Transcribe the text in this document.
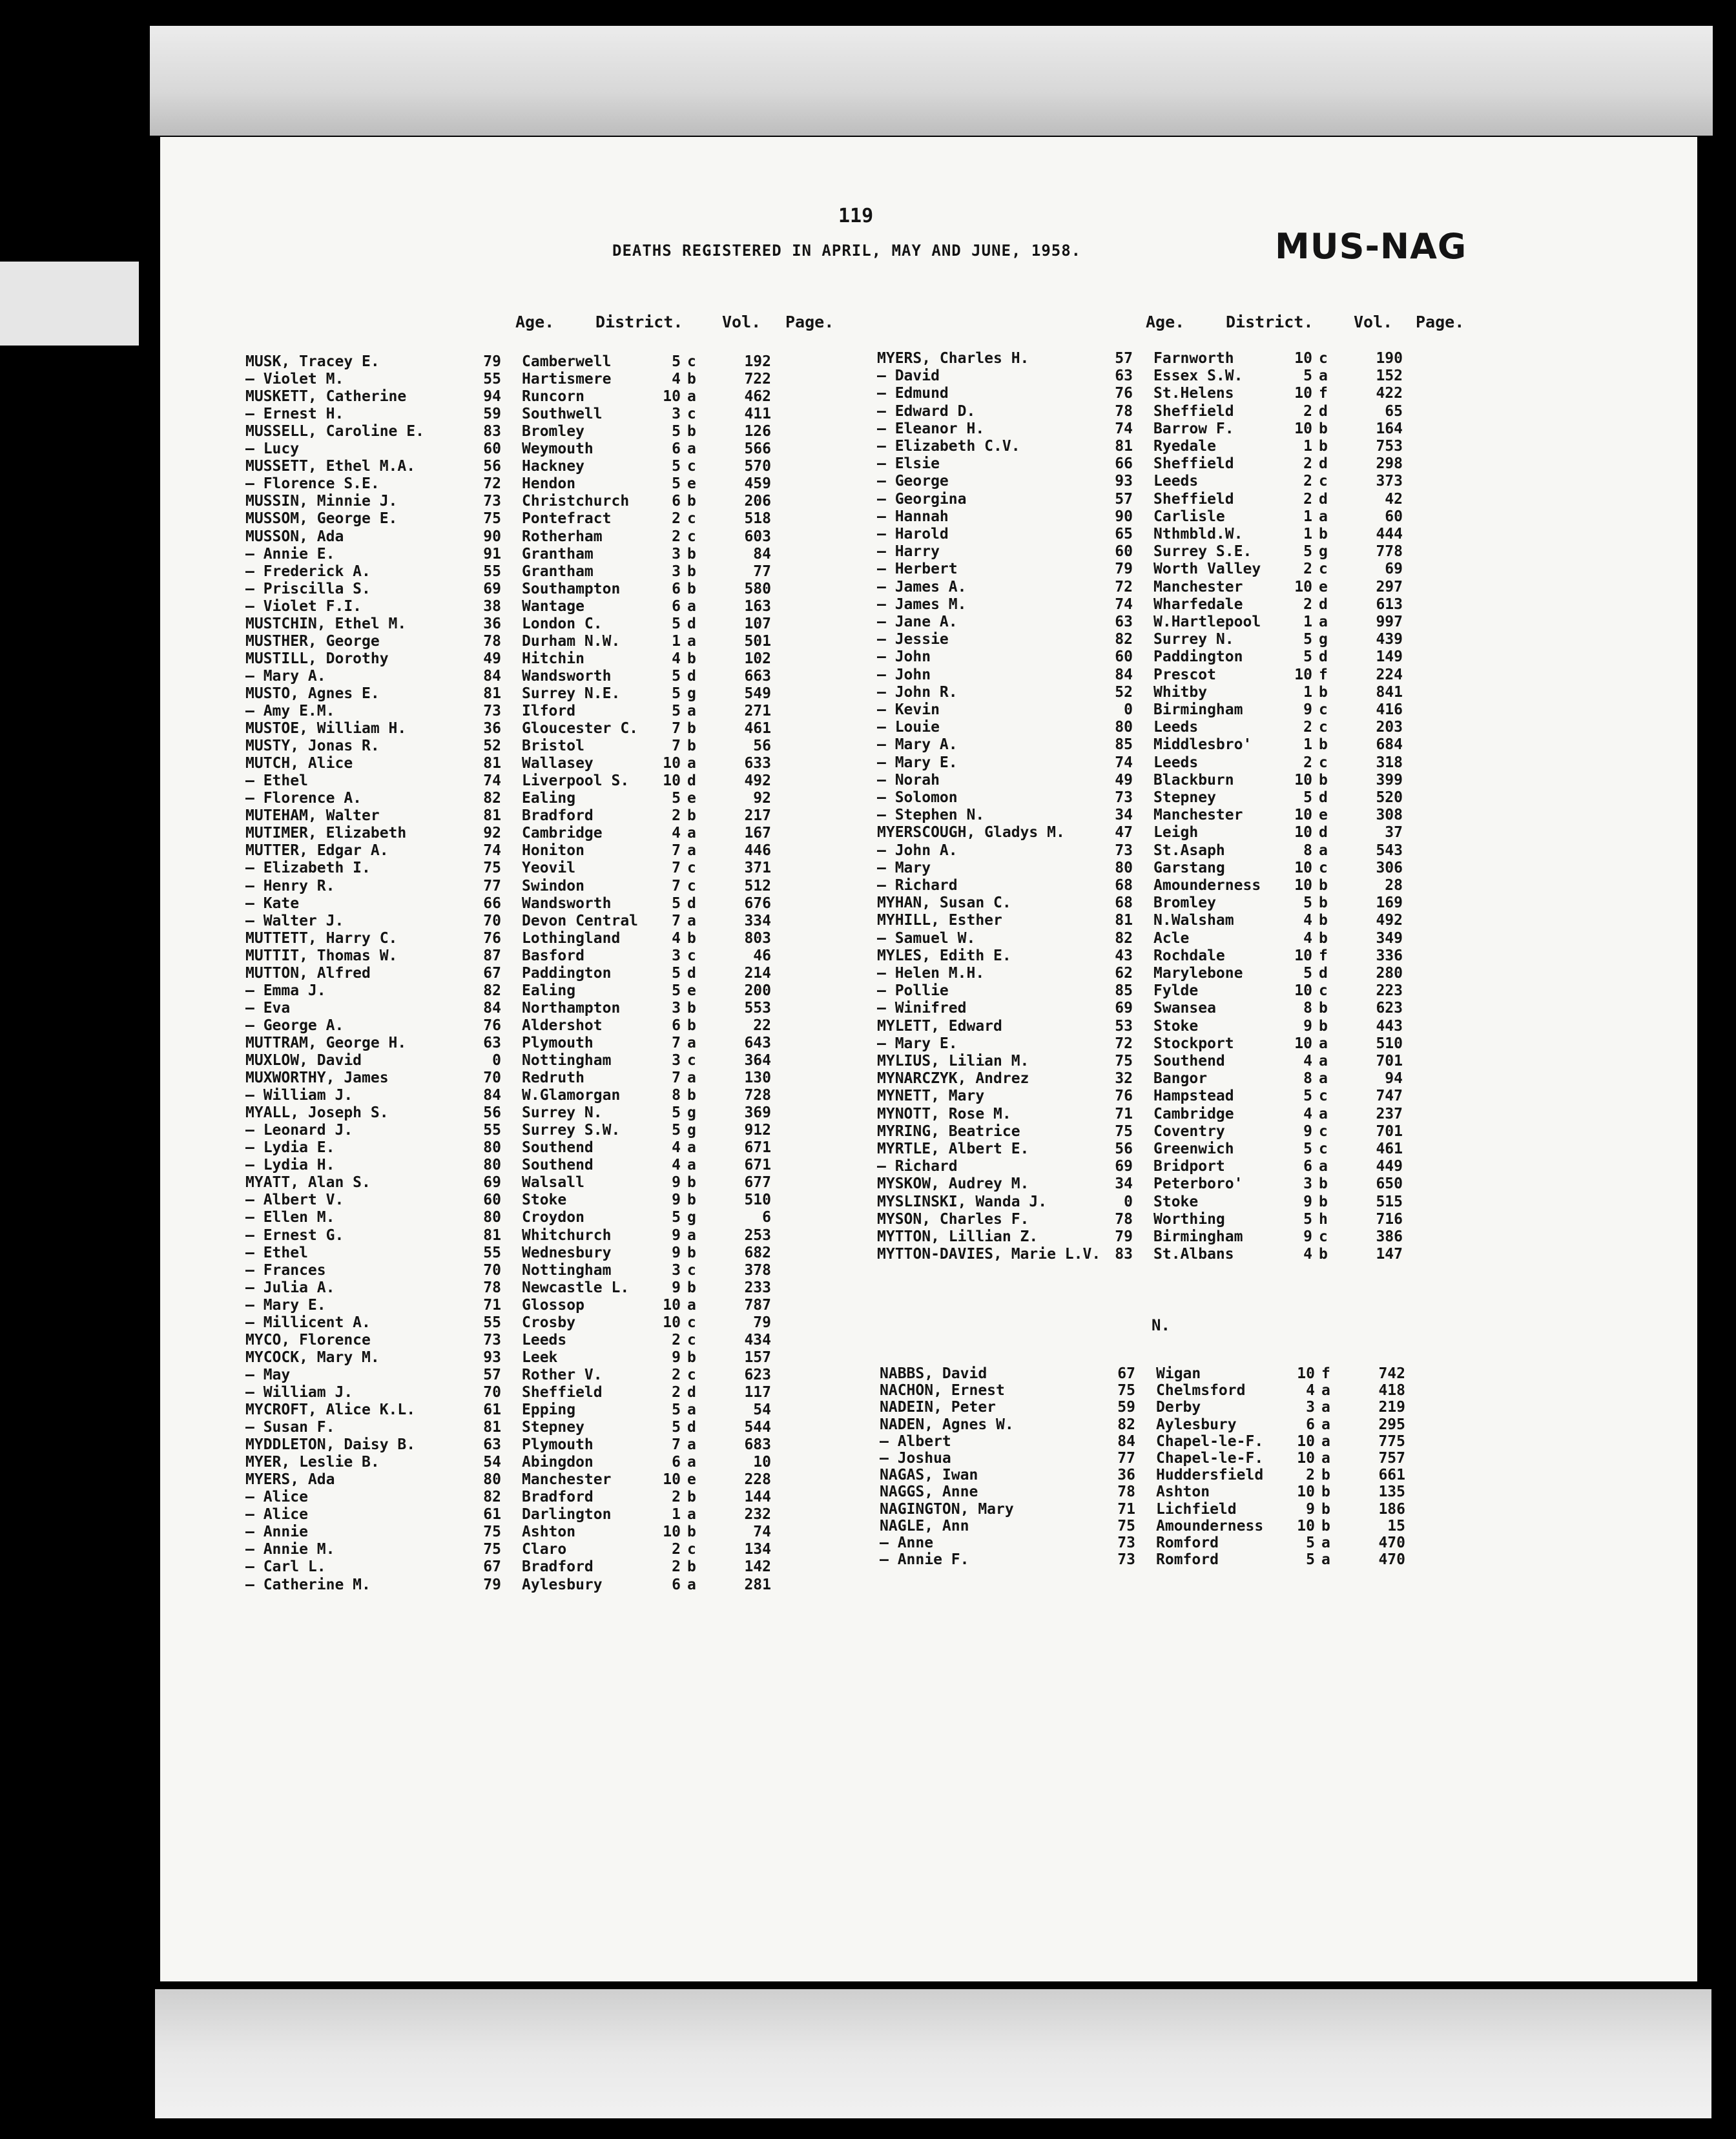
119
DEATHS REGISTERED IN APRIL, MAY AND JUNE, 1958.	MUS-NAG
Age.	District. Vol. Page.	Age.	District.	Vol. Page.
N.
MUSK, Tracey E.	79 Camberwell	5 c	192
— Violet M.	55 Hartismere	4 b	722
MUSKETT, Catherine	94 Runcorn	10 a	462
— Ernest H.	59 Southwell	3 c	411
MUSSELL, Caroline E.	83 Bromley	5 b	126
— Lucy	60 Weymouth	6 a	566
MUSSETT, Ethel M.A.	56 Hackney	5 c	570
— Florence S.E.	72 Hendon	5 e	459
MUSSIN, Minnie J.	73 Christchurch	6 b	206
MUSSOM, George E.	75 Pontefract	2 c	518
MUSSON, Ada	90 Rotherham	2 c	603
— Annie E.	91 Grantham	3 b	84
— Frederick A.	55 Grantham	3 b	77
— Priscilla S.	69 Southampton	6 b	580
— Violet F.I.	38 Wantage	6 a	163
MUSTCHIN, Ethel M.	36 London C.	5 d	107
MUSTHER, George	78 Durham N.W.	1 a	501
MUSTILL, Dorothy	49 Hitchin	4 b	102
— Mary A.	84 Wandsworth	5 d	663
MUSTO, Agnes E.	81 Surrey N.E.	5 g	549
— Amy E.M.	73 Ilford	5 a	271
MUSTOE, William H.	36 Gloucester C.	7 b	461
MUSTY, Jonas R.	52 Bristol	7 b	56
MUTCH, Alice	81 Wallasey	10 a	633
— Ethel	74 Liverpool S.	10 d	492
— Florence A.	82 Ealing	5 e	92
MUTEHAM, Walter	81 Bradford	2 b	217
MUTIMER, Elizabeth	92 Cambridge	4 a	167
MUTTER, Edgar A.	74 Honiton	7 a	446
— Elizabeth I.	75 Yeovil	7 c	371
— Henry R.	77 Swindon	7 c	512
— Kate	66 Wandsworth	5 d	676
— Walter J.	70 Devon Central	7 a	334
MUTTETT, Harry C.	76 Lothingland	4 b	803
MUTTIT, Thomas W.	87 Basford	3 c	46
MUTTON, Alfred	67 Paddington	5 d	214
— Emma J.	82 Ealing	5 e	200
— Eva	84 Northampton	3 b	553
— George A.	76 Aldershot	6 b	22
MUTTRAM, George H.	63 Plymouth	7 a	643
MUXLOW, David	0 Nottingham	3 c	364
MUXWORTHY, James	70 Redruth	7 a	130
— William J.	84 W.Glamorgan	8 b	728
MYALL, Joseph S.	56 Surrey N.	5 g	369
— Leonard J.	55 Surrey S.W.	5 g	912
— Lydia E.	80 Southend	4 a	671
— Lydia H.	80 Southend	4 a	671
MYATT, Alan S.	69 Walsall	9 b	677
— Albert V.	60 Stoke	9 b	510
— Ellen M.	80 Croydon	5 g	6
— Ernest G.	81 Whitchurch	9 a	253
— Ethel	55 Wednesbury	9 b	682
— Frances	70 Nottingham	3 c	378
— Julia A.	78 Newcastle L.	9 b	233
— Mary E.	71 Glossop	10 a	787
— Millicent A.	55 Crosby	10 c	79
MYCO, Florence	73 Leeds	2 c	434
MYCOCK, Mary M.	93 Leek	9 b	157
— May	57 Rother V.	2 c	623
— William J.	70 Sheffield	2 d	117
MYCROFT, Alice K.L.	61 Epping	5 a	54
— Susan F.	81 Stepney	5 d	544
MYDDLETON, Daisy B.	63 Plymouth	7 a	683
MYER, Leslie B.	54 Abingdon	6 a	10
MYERS, Ada	80 Manchester	10 e	228
— Alice	82 Bradford	2 b	144
— Alice	61 Darlington	1 a	232
— Annie	75 Ashton	10 b	74
— Annie M.	75 Claro	2 c	134
— Carl L.	67 Bradford	2 b	142
— Catherine M.	79 Aylesbury	6 a	281
MYERS, Charles H.	57 Farnworth	10 c	190
— David	63 Essex S.W.	5 a	152
— Edmund	76 St.Helens	10 f	422
— Edward D.	78 Sheffield	2 d	65
— Eleanor H.	74 Barrow F.	10 b	164
— Elizabeth C.V.	81 Ryedale	1 b	753
— Elsie	66 Sheffield	2 d	298
— George	93 Leeds	2 c	373
— Georgina	57 Sheffield	2 d	42
— Hannah	90 Carlisle	1 a	60
— Harold	65 Nthmbld.W.	1 b	444
— Harry	60 Surrey S.E.	5 g	778
— Herbert	79 Worth Valley	2 c	69
— James A.	72 Manchester	10 e	297
— James M.	74 Wharfedale	2 d	613
— Jane A.	63 W.Hartlepool	1 a	997
— Jessie	82 Surrey N.	5 g	439
— John	60 Paddington	5 d	149
— John	84 Prescot	10 f	224
— John R.	52 Whitby	1 b	841
— Kevin	0 Birmingham	9 c	416
— Louie	80 Leeds	2 c	203
— Mary A.	85 Middlesbro'	1 b	684
— Mary E.	74 Leeds	2 c	318
— Norah	49 Blackburn	10 b	399
— Solomon	73 Stepney	5 d	520
— Stephen N.	34 Manchester	10 e	308
MYERSCOUGH, Gladys M.	47 Leigh	10 d	37
— John A.	73 St.Asaph	8 a	543
— Mary	80 Garstang	10 c	306
— Richard	68 Amounderness	10 b	28
MYHAN, Susan C.	68 Bromley	5 b	169
MYHILL, Esther	81 N.Walsham	4 b	492
— Samuel W.	82 Acle	4 b	349
MYLES, Edith E.	43 Rochdale	10 f	336
— Helen M.H.	62 Marylebone	5 d	280
— Pollie	85 Fylde	10 c	223
— Winifred	69 Swansea	8 b	623
MYLETT, Edward	53 Stoke	9 b	443
— Mary E.	72 Stockport	10 a	510
MYLIUS, Lilian M.	75 Southend	4 a	701
MYNARCZYK, Andrez	32 Bangor	8 a	94
MYNETT, Mary	76 Hampstead	5 c	747
MYNOTT, Rose M.	71 Cambridge	4 a	237
MYRING, Beatrice	75 Coventry	9 c	701
MYRTLE, Albert E.	56 Greenwich	5 c	461
— Richard	69 Bridport	6 a	449
MYSKOW, Audrey M.	34 Peterboro'	3 b	650
MYSLINSKI, Wanda J.	0 Stoke	9 b	515
MYSON, Charles F.	78 Worthing	5 h	716
MYTTON, Lillian Z.	79 Birmingham	9 c	386
MYTTON-DAVIES, Marie L.V. 83 St.Albans	4 b	147
NABBS, David	67 Wigan	10 f	742
NACHON, Ernest	75 Chelmsford	4 a	418
NADEIN, Peter	59 Derby	3 a	219
NADEN, Agnes W.	82 Aylesbury	6 a	295
— Albert	84 Chapel-le-F.	10 a	775
— Joshua	77 Chapel-le-F.	10 a	757
NAGAS, Iwan	36 Huddersfield	2 b	661
NAGGS, Anne	78 Ashton	10 b	135
NAGINGTON, Mary	71 Lichfield	9 b	186
NAGLE, Ann	75 Amounderness	10 b	15
— Anne	73 Romford	5 a	470
— Annie F.	73 Romford	5 a	470
